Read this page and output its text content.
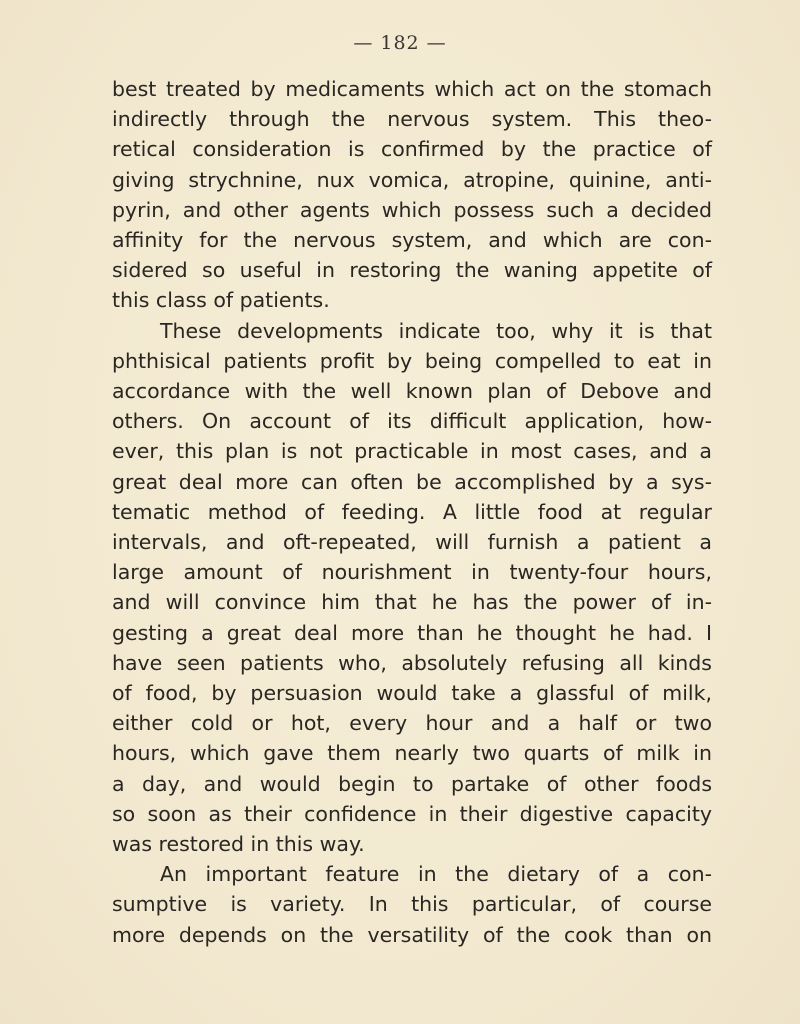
— 182 —
best treated by medicaments which act on the stomach
indirectly through the nervous system. This theo-
retical consideration is confirmed by the practice of
giving strychnine, nux vomica, atropine, quinine, anti-
pyrin, and other agents which possess such a decided
affinity for the nervous system, and which are con-
sidered so useful in restoring the waning appetite of
this class of patients.
These developments indicate too, why it is that
phthisical patients profit by being compelled to eat in
accordance with the well known plan of Debove and
others. On account of its difficult application, how-
ever, this plan is not practicable in most cases, and a
great deal more can often be accomplished by a sys-
tematic method of feeding. A little food at regular
intervals, and oft-repeated, will furnish a patient a
large amount of nourishment in twenty-four hours,
and will convince him that he has the power of in-
gesting a great deal more than he thought he had. I
have seen patients who, absolutely refusing all kinds
of food, by persuasion would take a glassful of milk,
either cold or hot, every hour and a half or two
hours, which gave them nearly two quarts of milk in
a day, and would begin to partake of other foods
so soon as their confidence in their digestive capacity
was restored in this way.
An important feature in the dietary of a con-
sumptive is variety. In this particular, of course
more depends on the versatility of the cook than on
